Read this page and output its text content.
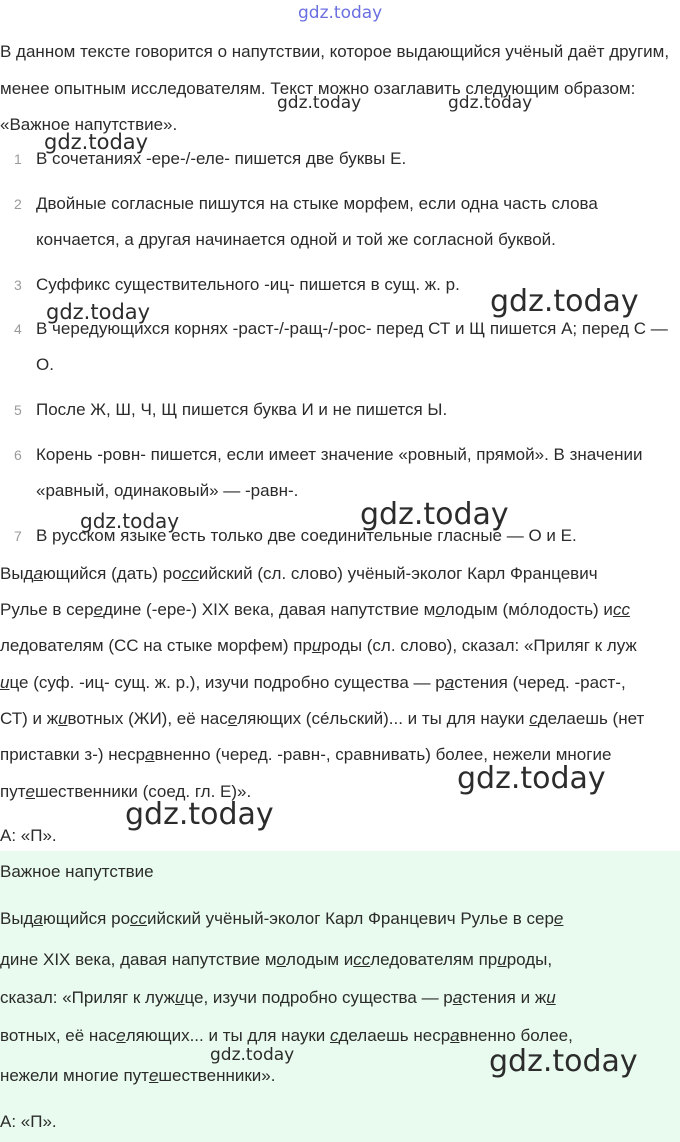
gdz.today
gdz.today	gdz.today
gdz.today
gdz.today
gdz.today
gdz.today
gdz.today
gdz.today
gdz.today

В данном тексте говорится о напутствии, которое выдающийся учёный даёт другим, менее опытным исследователям. Текст можно озаглавить следующим образом: «Важное напутствие».

1 В сочетаниях -ере-/-еле- пишется две буквы Е.
2 Двойные согласные пишутся на стыке морфем, если одна часть слова кончается, а другая начинается одной и той же согласной буквой.
3 Суффикс существительного -иц- пишется в сущ. ж. р.
4 В чередующихся корнях -раст-/-ращ-/-рос- перед СТ и Щ пишется А; перед С — О.
5 После Ж, Ш, Ч, Щ пишется буква И и не пишется Ы.
6 Корень -ровн- пишется, если имеет значение «ровный, прямой». В значении «равный, одинаковый» — -равн-.
7 В русском языке есть только две соединительные гласные — О и Е.
Выдающийся (дать) российский (сл. слово) учёный-эколог Карл Францевич
Рулье в середине (-ере-) XIX века, давая напутствие молодым (мóлодость) исс
ледователям (СС на стыке морфем) природы (сл. слово), сказал: «Приляг к луж
ице (суф. -иц- сущ. ж. р.), изучи подробно существа — растения (черед. -раст-,
СТ) и животных (ЖИ), её населяющих (сéльский)... и ты для науки сделаешь (нет
приставки з-) несравненно (черед. -равн-, сравнивать) более, нежели многие
путешественники (соед. гл. Е)».
А: «П».
Важное напутствие
Выдающийся российский учёный-эколог Карл Францевич Рулье в сере
дине XIX века, давая напутствие молодым исследователям природы,
сказал: «Приляг к лужице, изучи подробно существа — растения и жи
вотных, её населяющих... и ты для науки сделаешь несравненно более,
нежели многие путешественники».
gdz.today	gdz.today
А: «П».
